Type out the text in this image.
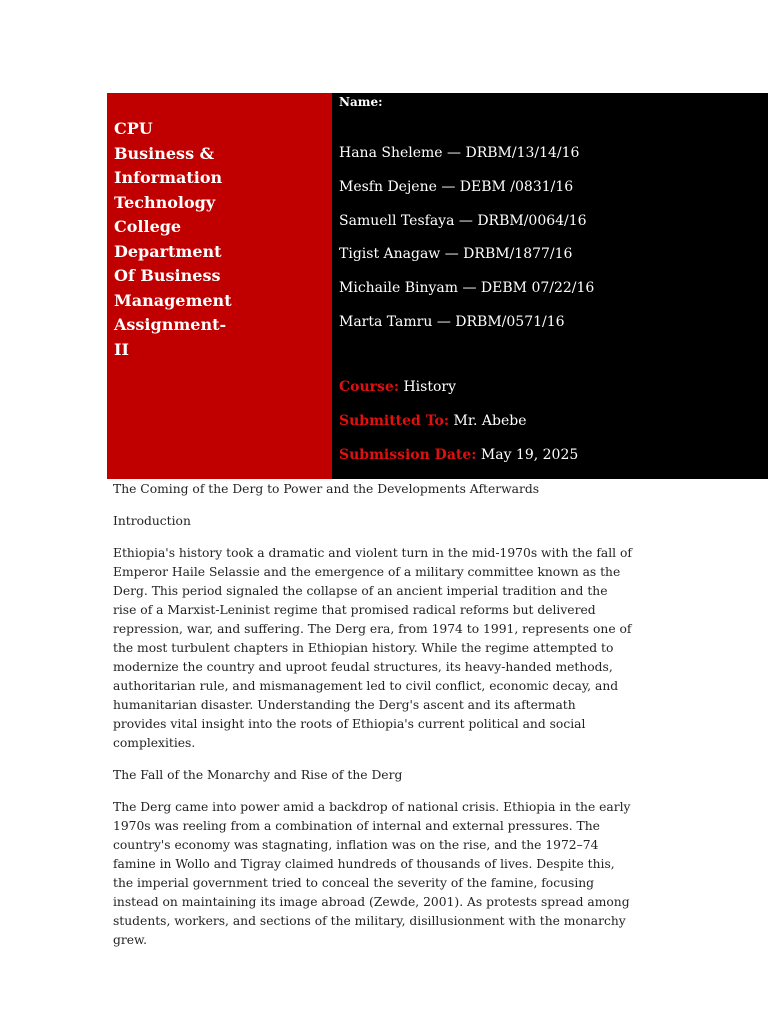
CPU
Business &
Information
Technology
College
Department
Of Business
Management
Assignment-
II
Name:
Hana Sheleme — DRBM/13/14/16
Mesfn Dejene — DEBM /0831/16
Samuell Tesfaya — DRBM/0064/16
Tigist Anagaw — DRBM/1877/16
Michaile Binyam — DEBM 07/22/16
Marta Tamru — DRBM/0571/16
Course: History
Submitted To: Mr. Abebe
Submission Date: May 19, 2025

The Coming of the Derg to Power and the Developments Afterwards

Introduction

Ethiopia's history took a dramatic and violent turn in the mid-1970s with the fall of Emperor Haile Selassie and the emergence of a military committee known as the Derg. This period signaled the collapse of an ancient imperial tradition and the rise of a Marxist-Leninist regime that promised radical reforms but delivered repression, war, and suffering. The Derg era, from 1974 to 1991, represents one of the most turbulent chapters in Ethiopian history. While the regime attempted to modernize the country and uproot feudal structures, its heavy-handed methods, authoritarian rule, and mismanagement led to civil conflict, economic decay, and humanitarian disaster. Understanding the Derg's ascent and its aftermath provides vital insight into the roots of Ethiopia's current political and social complexities.

The Fall of the Monarchy and Rise of the Derg

The Derg came into power amid a backdrop of national crisis. Ethiopia in the early 1970s was reeling from a combination of internal and external pressures. The country's economy was stagnating, inflation was on the rise, and the 1972–74 famine in Wollo and Tigray claimed hundreds of thousands of lives. Despite this, the imperial government tried to conceal the severity of the famine, focusing instead on maintaining its image abroad (Zewde, 2001). As protests spread among students, workers, and sections of the military, disillusionment with the monarchy grew.
